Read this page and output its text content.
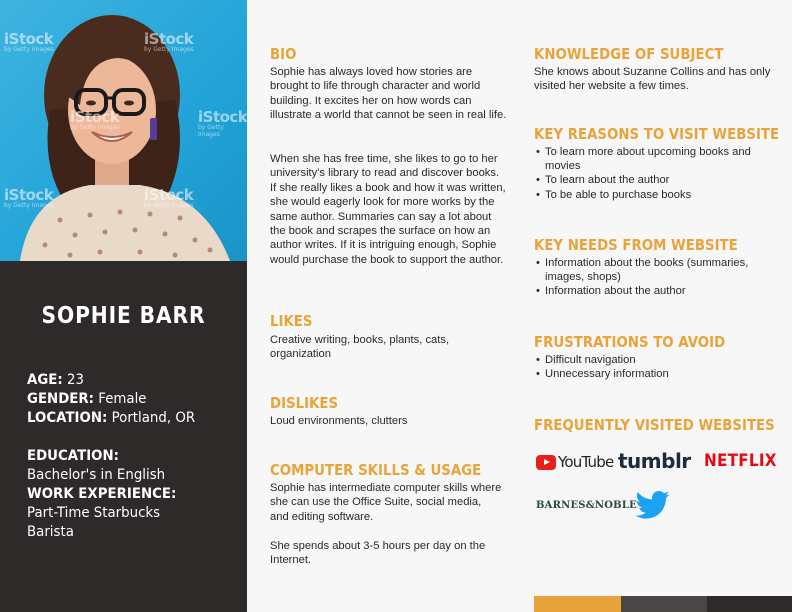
iStock
by Getty Images
iStock
by Getty Images
iStock
by Getty Images
iStock
by Getty Images
iStock
by Getty Images
iStock
by Getty Images
SOPHIE BARR
AGE: 23
GENDER: Female
LOCATION: Portland, OR
EDUCATION:
Bachelor's in English
WORK EXPERIENCE:
Part-Time Starbucks
Barista
BIO
Sophie has always loved how stories are brought to life through character and world building. It excites her on how words can illustrate a world that cannot be seen in real life.
When she has free time, she likes to go to her university's library to read and discover books. If she really likes a book and how it was written, she would eagerly look for more works by the same author. Summaries can say a lot about the book and scrapes the surface on how an author writes. If it is intriguing enough, Sophie would purchase the book to support the author.
LIKES
Creative writing, books, plants, cats, organization
DISLIKES
Loud environments, clutters
COMPUTER SKILLS & USAGE
Sophie has intermediate computer skills where she can use the Office Suite, social media, and editing software.
She spends about 3-5 hours per day on the Internet.
KNOWLEDGE OF SUBJECT
She knows about Suzanne Collins and has only visited her website a few times.
KEY REASONS TO VISIT WEBSITE
• To learn more about upcoming books and movies
• To learn about the author
• To be able to purchase books
KEY NEEDS FROM WEBSITE
• Information about the books (summaries, images, shops)
• Information about the author
FRUSTRATIONS TO AVOID
• Difficult navigation
• Unnecessary information
FREQUENTLY VISITED WEBSITES
YouTube tumblr NETFLIX
BARNES&NOBLE
